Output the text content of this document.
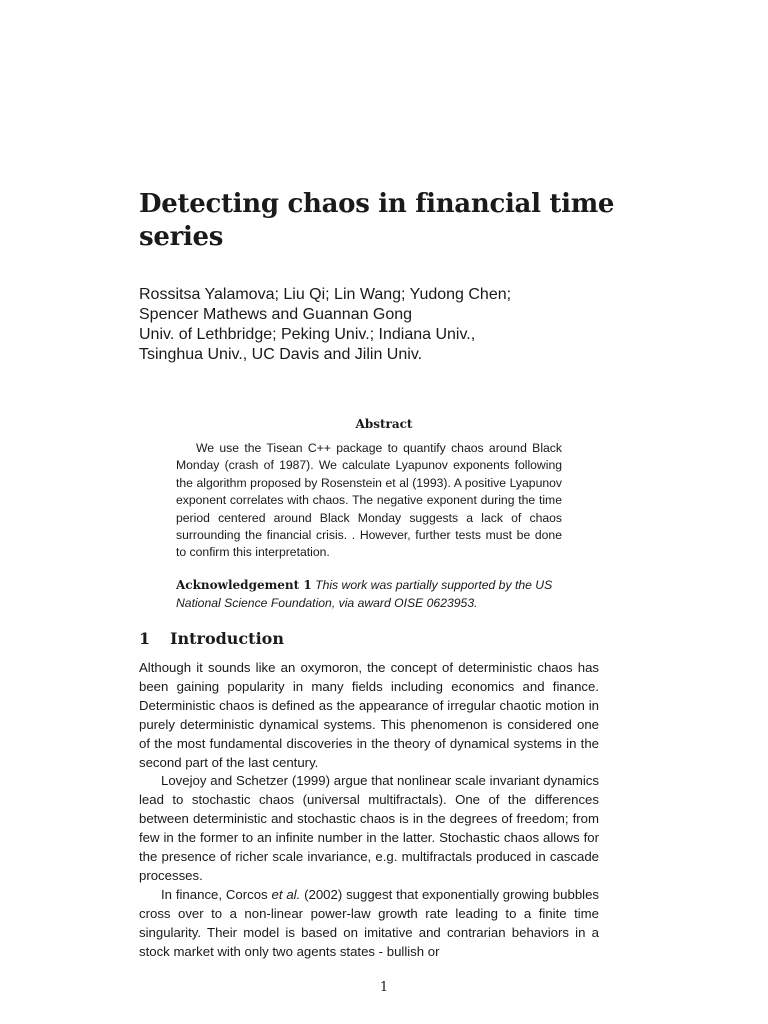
Detecting chaos in financial time series
Rossitsa Yalamova; Liu Qi; Lin Wang; Yudong Chen;
Spencer Mathews and Guannan Gong
Univ. of Lethbridge; Peking Univ.; Indiana Univ.,
Tsinghua Univ., UC Davis and Jilin Univ.
Abstract

We use the Tisean C++ package to quantify chaos around Black Monday (crash of 1987). We calculate Lyapunov exponents following the algorithm proposed by Rosenstein et al (1993). A positive Lyapunov exponent correlates with chaos. The negative exponent during the time period centered around Black Monday suggests a lack of chaos surrounding the financial crisis. . However, further tests must be done to confirm this interpretation.

Acknowledgement 1 This work was partially supported by the US National Science Foundation, via award OISE 0623953.
1 Introduction

Although it sounds like an oxymoron, the concept of deterministic chaos has been gaining popularity in many fields including economics and finance. Deterministic chaos is defined as the appearance of irregular chaotic motion in purely deterministic dynamical systems. This phenomenon is considered one of the most fundamental discoveries in the theory of dynamical systems in the second part of the last century.

Lovejoy and Schetzer (1999) argue that nonlinear scale invariant dynamics lead to stochastic chaos (universal multifractals). One of the differences between deterministic and stochastic chaos is in the degrees of freedom; from few in the former to an infinite number in the latter. Stochastic chaos allows for the presence of richer scale invariance, e.g. multifractals produced in cascade processes.

In finance, Corcos et al. (2002) suggest that exponentially growing bubbles cross over to a non-linear power-law growth rate leading to a finite time singularity. Their model is based on imitative and contrarian behaviors in a stock market with only two agents states - bullish or

1
